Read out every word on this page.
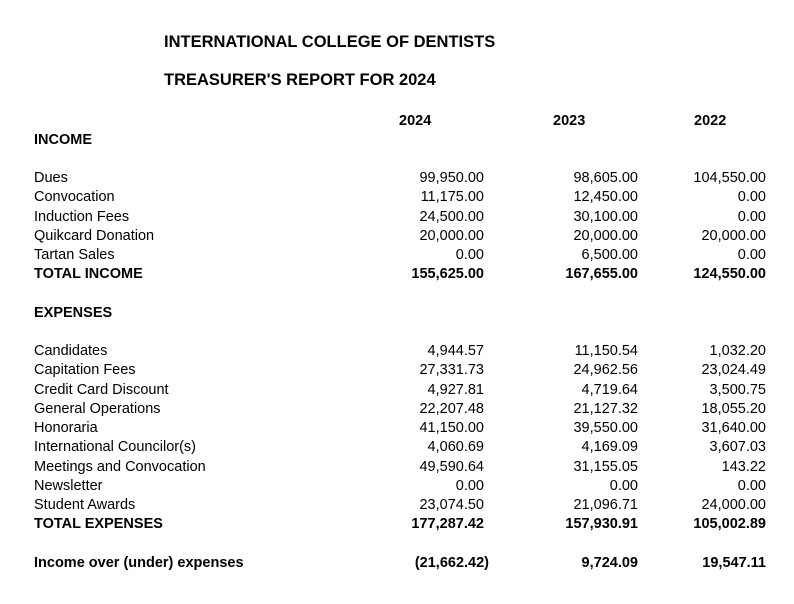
INTERNATIONAL COLLEGE OF DENTISTS
TREASURER'S REPORT FOR 2024
2024	2023	2022
INCOME
Dues	99,950.00	98,605.00	104,550.00
Convocation	11,175.00	12,450.00	0.00
Induction Fees	24,500.00	30,100.00	0.00
Quikcard Donation	20,000.00	20,000.00	20,000.00
Tartan Sales	0.00	6,500.00	0.00
TOTAL INCOME	155,625.00	167,655.00	124,550.00
EXPENSES
Candidates	4,944.57	11,150.54	1,032.20
Capitation Fees	27,331.73	24,962.56	23,024.49
Credit Card Discount	4,927.81	4,719.64	3,500.75
General Operations	22,207.48	21,127.32	18,055.20
Honoraria	41,150.00	39,550.00	31,640.00
International Councilor(s)	4,060.69	4,169.09	3,607.03
Meetings and Convocation	49,590.64	31,155.05	143.22
Newsletter	0.00	0.00	0.00
Student Awards	23,074.50	21,096.71	24,000.00
TOTAL EXPENSES	177,287.42	157,930.91	105,002.89
Income over (under) expenses	(21,662.42)	9,724.09	19,547.11
